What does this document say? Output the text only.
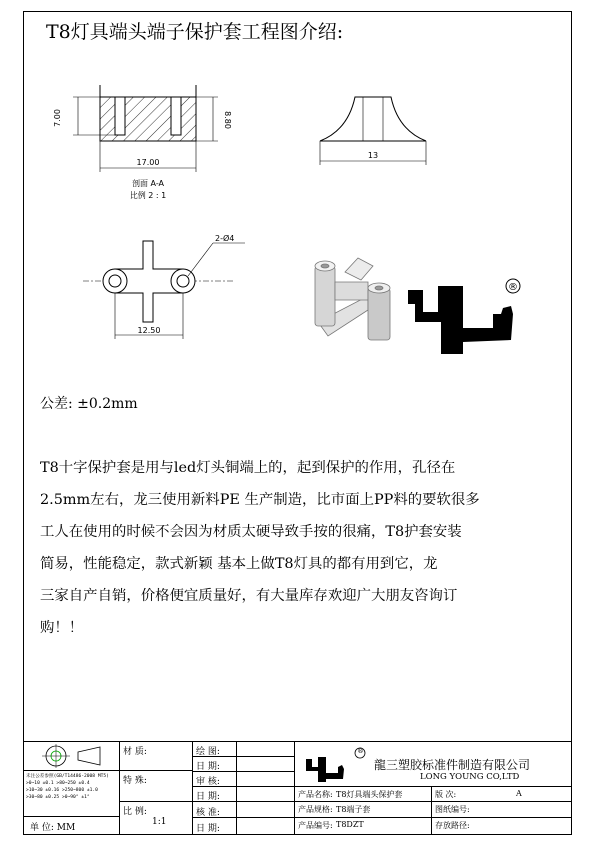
T8灯具端头端子保护套工程图介绍:
7.00	8.80
17.00
剖面 A-A
比例 2 : 1
13
2-Ø4
12.50
®
公差: ±0.2mm
T8十字保护套是用与led灯头铜端上的，起到保护的作用，孔径在
2.5mm左右，龙三使用新料PE 生产制造，比市面上PP料的要软很多
工人在使用的时候不会因为材质太硬导致手按的很痛，T8护套安装
简易，性能稳定，款式新颖 基本上做T8灯具的都有用到它，龙
三家自产自销，价格便宜质量好，有大量库存欢迎广大朋友咨询订
购！！
未注公差参照(GB/T14486-2008 MT5)
>0~10 ±0.1 >80~250 ±0.4
>10~30 ±0.16 >250~800 ±1.0
>30~80 ±0.25 >0~90° ±1°
单 位: MM
材 质:
特 殊:
比 例:
1:1
绘 图:
日 期:
审 核:
日 期:
核 准:
日 期:
®
龍三塑胶标准件制造有限公司
LONG YOUNG CO,LTD
产品名称: T8灯具端头保护套	版 次:	A
产品规格: T8端子套	图纸编号:
产品编号: T8DZT	存放路径:
